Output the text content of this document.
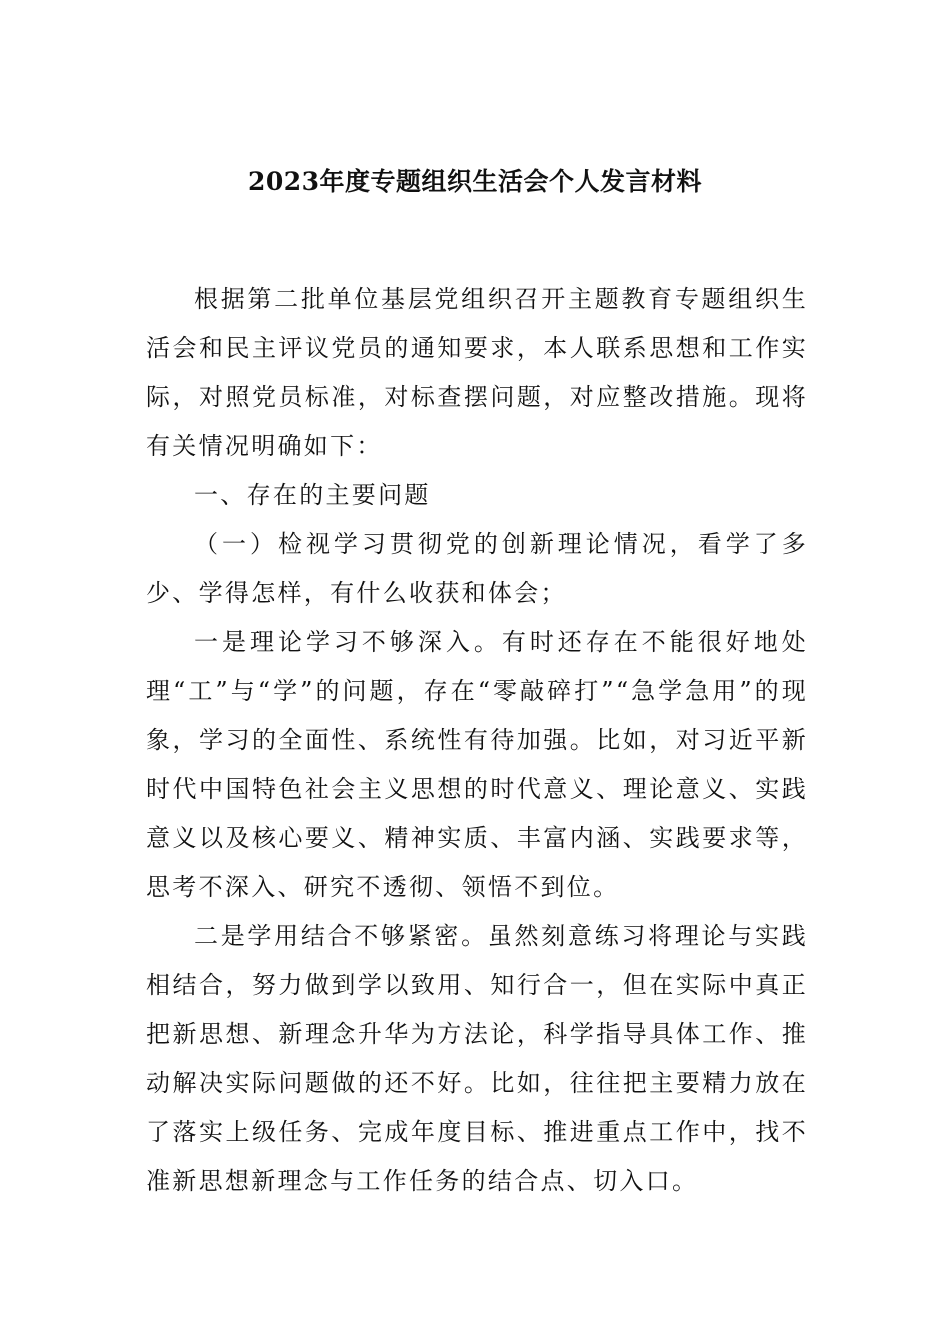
2023年度专题组织生活会个人发言材料

根据第二批单位基层党组织召开主题教育专题组织生活会和民主评议党员的通知要求，本人联系思想和工作实际，对照党员标准，对标查摆问题，对应整改措施。现将有关情况明确如下：

一、存在的主要问题

（一）检视学习贯彻党的创新理论情况，看学了多少、学得怎样，有什么收获和体会；

一是理论学习不够深入。有时还存在不能很好地处理“工”与“学”的问题，存在“零敲碎打”“急学急用”的现象，学习的全面性、系统性有待加强。比如，对习近平新时代中国特色社会主义思想的时代意义、理论意义、实践意义以及核心要义、精神实质、丰富内涵、实践要求等，思考不深入、研究不透彻、领悟不到位。

二是学用结合不够紧密。虽然刻意练习将理论与实践相结合，努力做到学以致用、知行合一，但在实际中真正把新思想、新理念升华为方法论，科学指导具体工作、推动解决实际问题做的还不好。比如，往往把主要精力放在了落实上级任务、完成年度目标、推进重点工作中，找不准新思想新理念与工作任务的结合点、切入口。
